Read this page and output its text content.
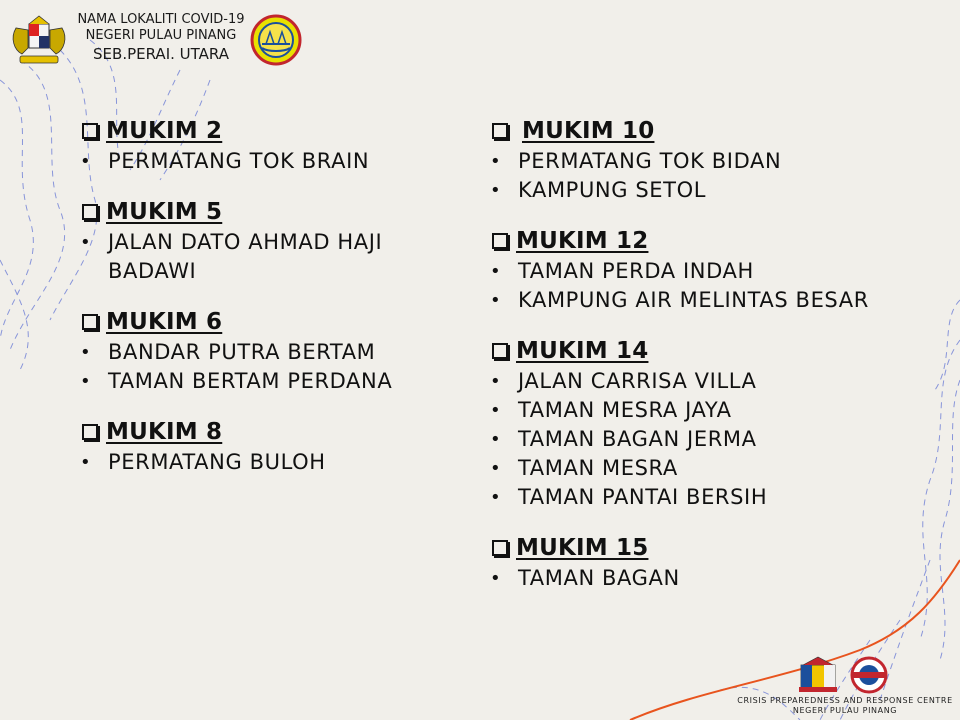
NAMA LOKALITI COVID-19
NEGERI PULAU PINANG
SEB.PERAI. UTARA
MUKIM 2
• PERMATANG TOK BRAIN
MUKIM 5
• JALAN DATO AHMAD HAJI BADAWI
MUKIM 6
• BANDAR PUTRA BERTAM
• TAMAN BERTAM PERDANA
MUKIM 8
• PERMATANG BULOH
MUKIM 10
• PERMATANG TOK BIDAN
• KAMPUNG SETOL
MUKIM 12
• TAMAN PERDA INDAH
• KAMPUNG AIR MELINTAS BESAR
MUKIM 14
• JALAN CARRISA VILLA
• TAMAN MESRA JAYA
• TAMAN BAGAN JERMA
• TAMAN MESRA
• TAMAN PANTAI BERSIH
MUKIM 15
• TAMAN BAGAN
CRISIS PREPAREDNESS AND RESPONSE CENTRE
NEGERI PULAU PINANG
